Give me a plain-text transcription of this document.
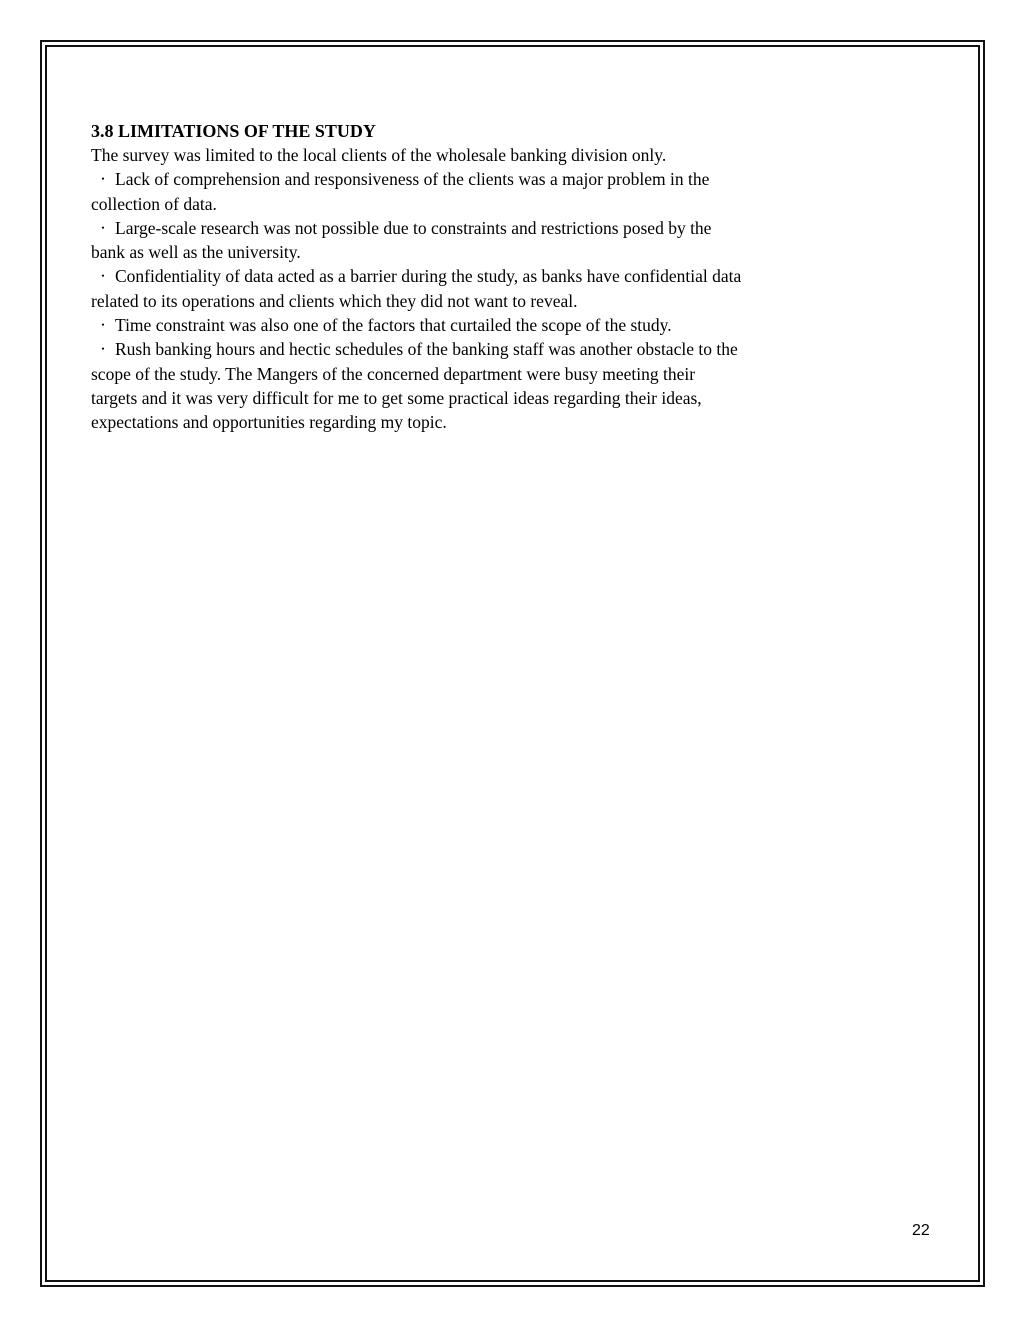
3.8 LIMITATIONS OF THE STUDY

The survey was limited to the local clients of the wholesale banking division only.

・ Lack of comprehension and responsiveness of the clients was a major problem in the

collection of data.

・ Large-scale research was not possible due to constraints and restrictions posed by the

bank as well as the university.

・ Confidentiality of data acted as a barrier during the study, as banks have confidential data

related to its operations and clients which they did not want to reveal.

・ Time constraint was also one of the factors that curtailed the scope of the study.

・ Rush banking hours and hectic schedules of the banking staff was another obstacle to the

scope of the study. The Mangers of the concerned department were busy meeting their

targets and it was very difficult for me to get some practical ideas regarding their ideas,

expectations and opportunities regarding my topic.

22
